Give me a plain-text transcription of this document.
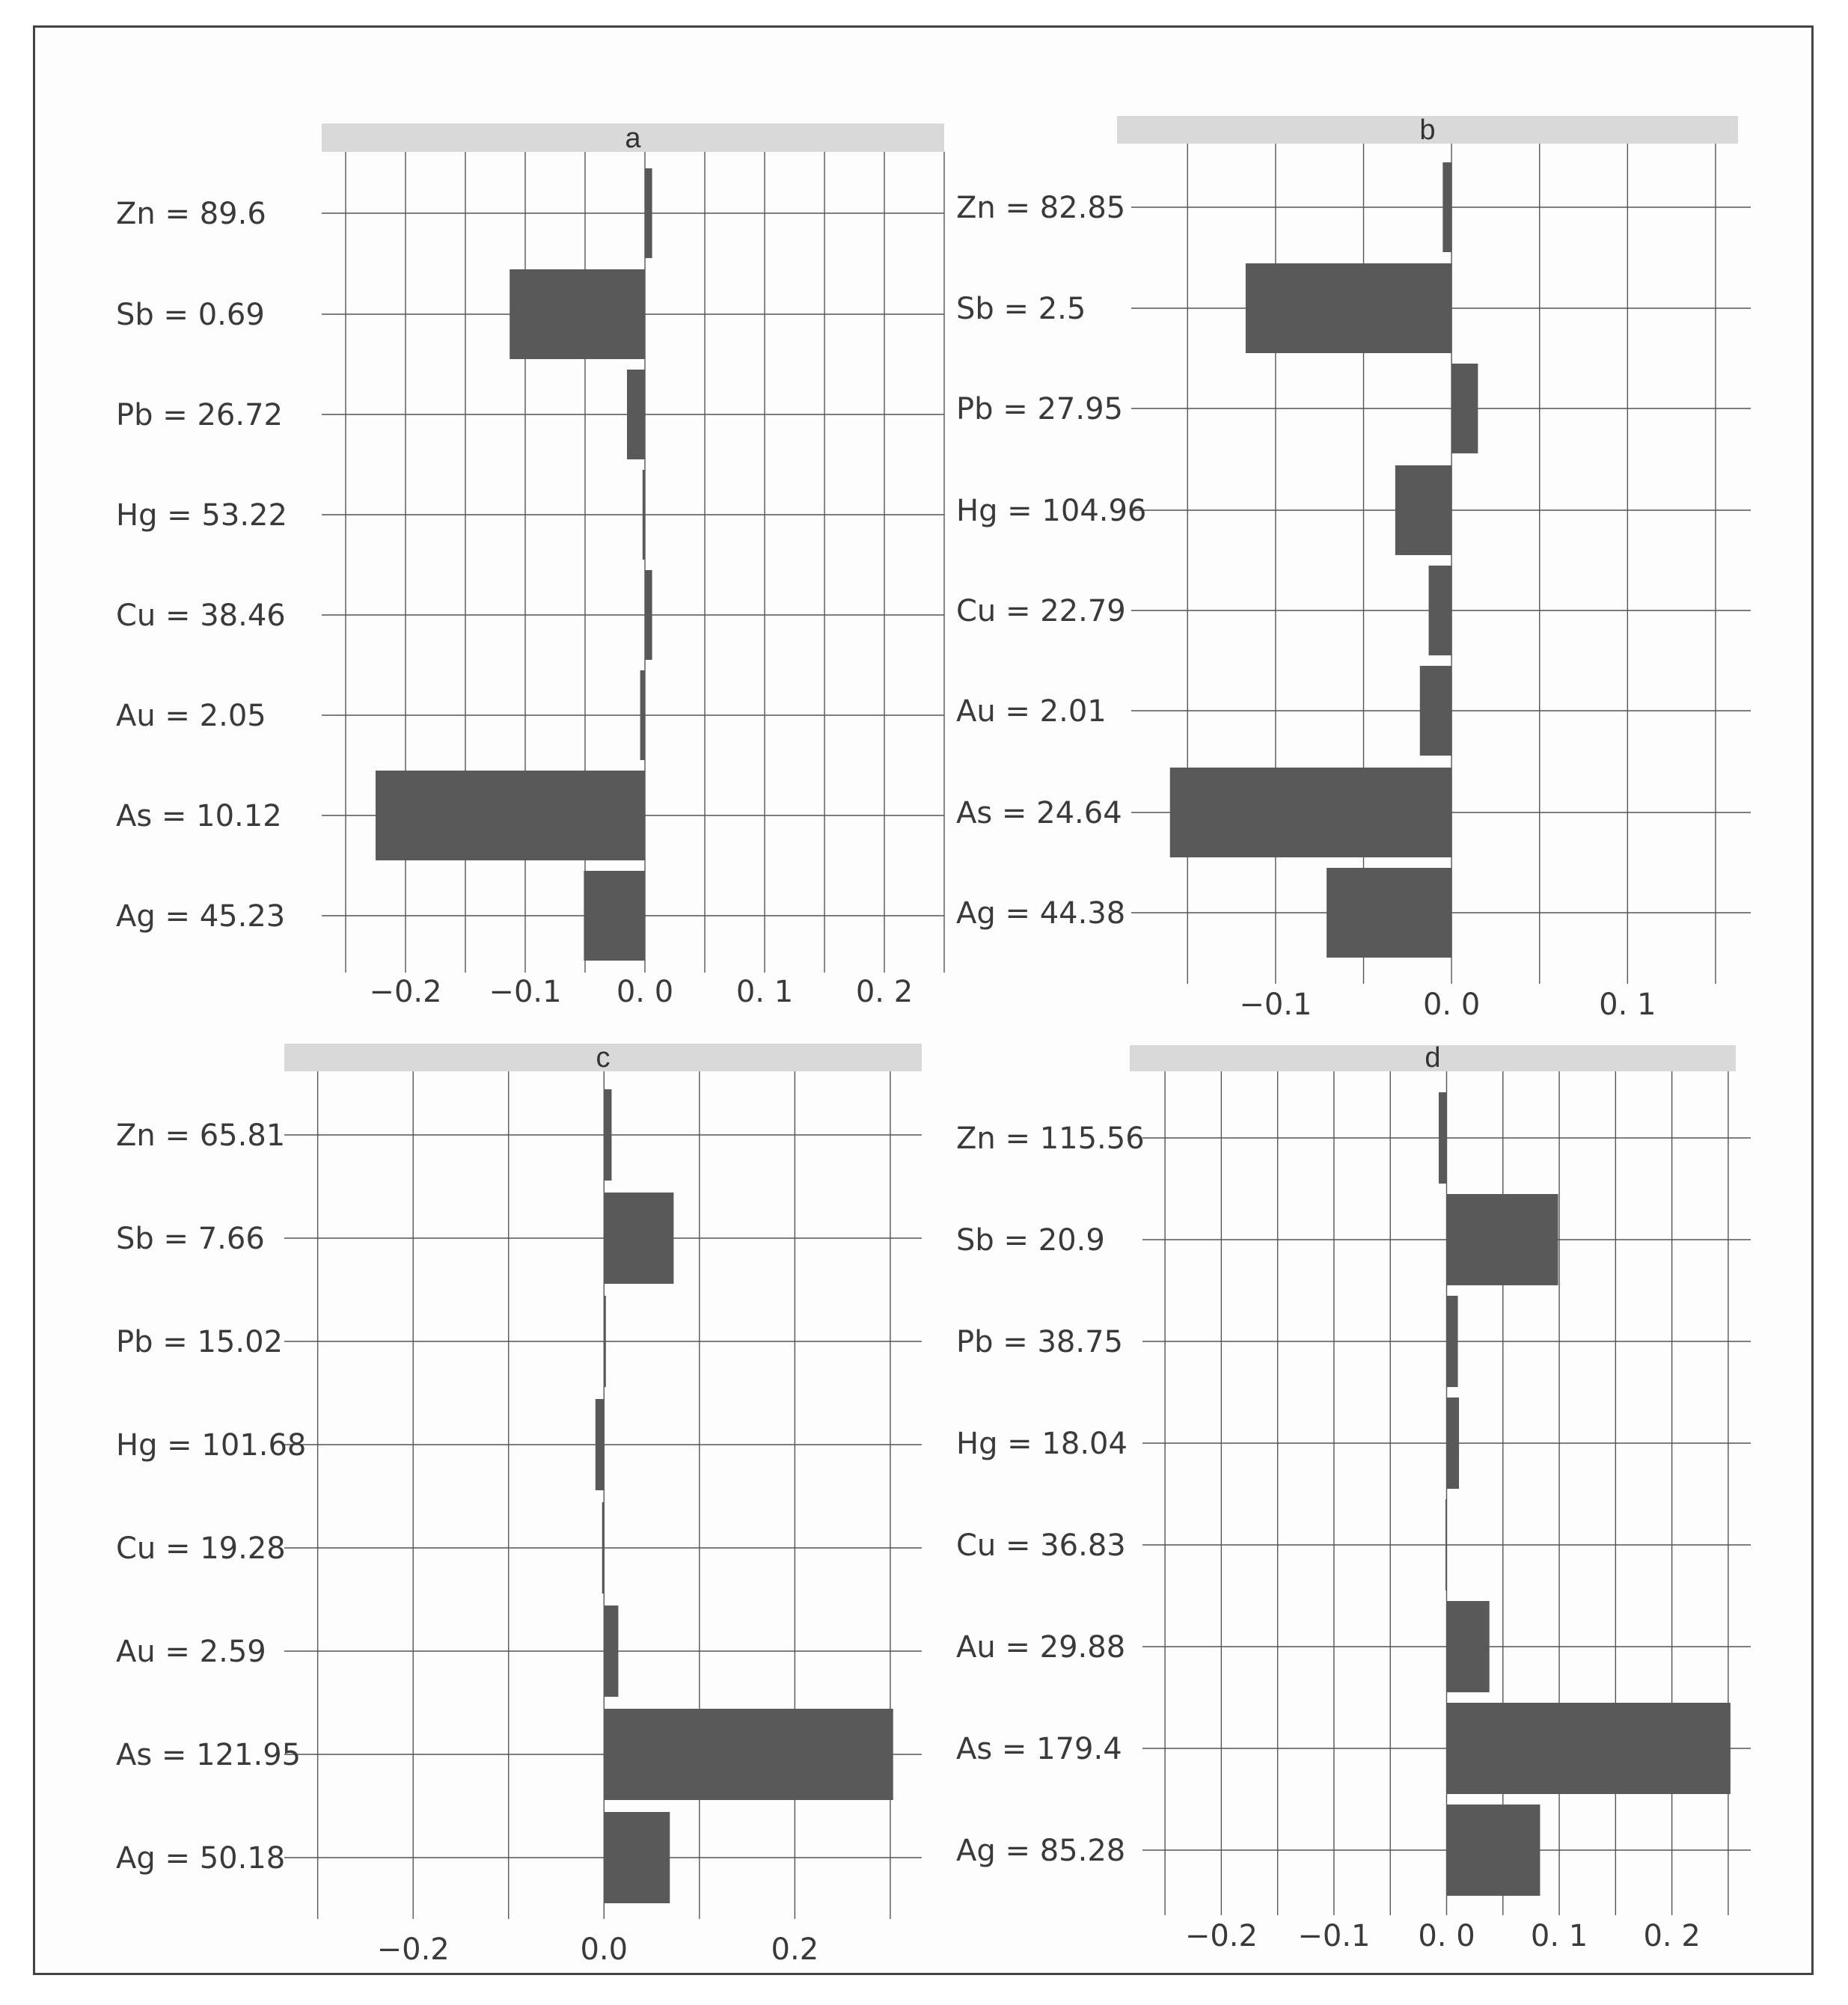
a
Zn = 89.6
Sb = 0.69
Pb = 26.72
Hg = 53.22
Cu = 38.46
Au = 2.05
As = 10.12
Ag = 45.23
−0.2 −0.1 0. 0 0. 1 0. 2
b
Zn = 82.85
Sb = 2.5
Pb = 27.95
Hg = 104.96
Cu = 22.79
Au = 2.01
As = 24.64
Ag = 44.38
−0.1	0. 0	0. 1
c
Zn = 65.81
Sb = 7.66
Pb = 15.02
Hg = 101.68
Cu = 19.28
Au = 2.59
As = 121.95
Ag = 50.18
−0.2	0.0	0.2
d
Zn = 115.56
Sb = 20.9
Pb = 38.75
Hg = 18.04
Cu = 36.83
Au = 29.88
As = 179.4
Ag = 85.28
−0.2 −0.1 0. 0 0. 1 0. 2
